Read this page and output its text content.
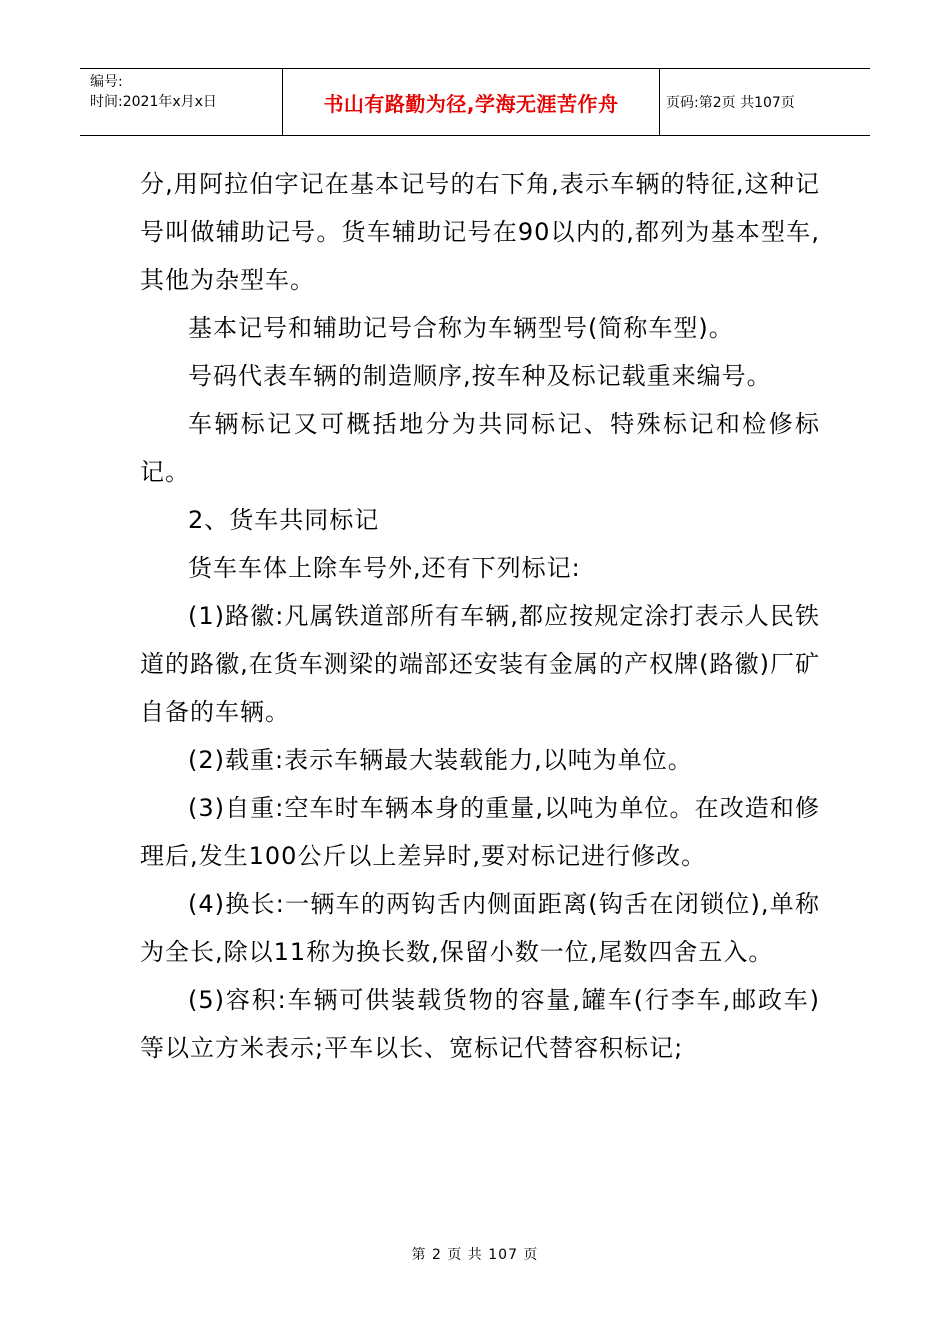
编号:
时间:2021年x月x日	书山有路勤为径,学海无涯苦作舟	页码:第2页 共107页

分,用阿拉伯字记在基本记号的右下角,表示车辆的特征,这种记号叫做辅助记号。货车辅助记号在90以内的,都列为基本型车,其他为杂型车。

基本记号和辅助记号合称为车辆型号(简称车型)。

号码代表车辆的制造顺序,按车种及标记载重来编号。

车辆标记又可概括地分为共同标记、特殊标记和检修标记。

2、货车共同标记

货车车体上除车号外,还有下列标记:

(1)路徽:凡属铁道部所有车辆,都应按规定涂打表示人民铁道的路徽,在货车测梁的端部还安装有金属的产权牌(路徽)厂矿自备的车辆。

(2)载重:表示车辆最大装载能力,以吨为单位。

(3)自重:空车时车辆本身的重量,以吨为单位。在改造和修理后,发生100公斤以上差异时,要对标记进行修改。

(4)换长:一辆车的两钩舌内侧面距离(钩舌在闭锁位),单称为全长,除以11称为换长数,保留小数一位,尾数四舍五入。

(5)容积:车辆可供装载货物的容量,罐车(行李车,邮政车)等以立方米表示;平车以长、宽标记代替容积标记;

第 2 页 共 107 页
